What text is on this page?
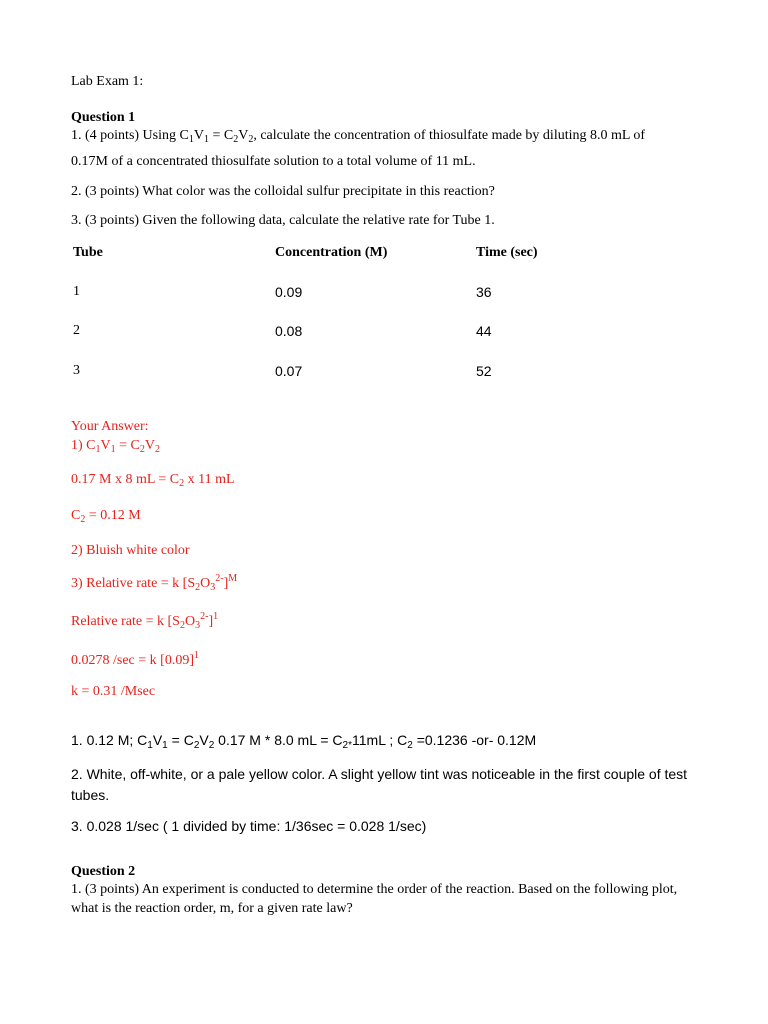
Lab Exam 1:
Question 1
1. (4 points) Using $C_1V_1 = C_2V_2$, calculate the concentration of thiosulfate made by diluting 8.0 mL of
0.17M of a concentrated thiosulfate solution to a total volume of 11 mL.
2. (3 points) What color was the colloidal sulfur precipitate in this reaction?
3. (3 points) Given the following data, calculate the relative rate for Tube 1.
Tube	Concentration (M)	Time (sec)
1	0.09	36
2	0.08	44
3	0.07	52
Your Answer:
1) $C_1V_1 = C_2V_2$
0.17 M x 8 mL = $C_2$ x 11 mL
$C_2 = 0.12$ M
2) Bluish white color
3) Relative rate = k $[S_2O_3^{2-}]^M$
Relative rate = k $[S_2O_3^{2-}]^1$
0.0278 /sec = k $[0.09]^1$
k = 0.31 /Msec
1. 0.12 M; $C_1V_1 = C_2V_2$ 0.17 M * 8.0 mL = $C_{2*}11mL$ ; $C_2 =0.1236$ -or- 0.12M
2. White, off-white, or a pale yellow color. A slight yellow tint was noticeable in the first couple of test tubes.
3. 0.028 1/sec ( 1 divided by time: 1/36sec = 0.028 1/sec)
Question 2
1. (3 points) An experiment is conducted to determine the order of the reaction. Based on the following plot, what is the reaction order, m, for a given rate law?
